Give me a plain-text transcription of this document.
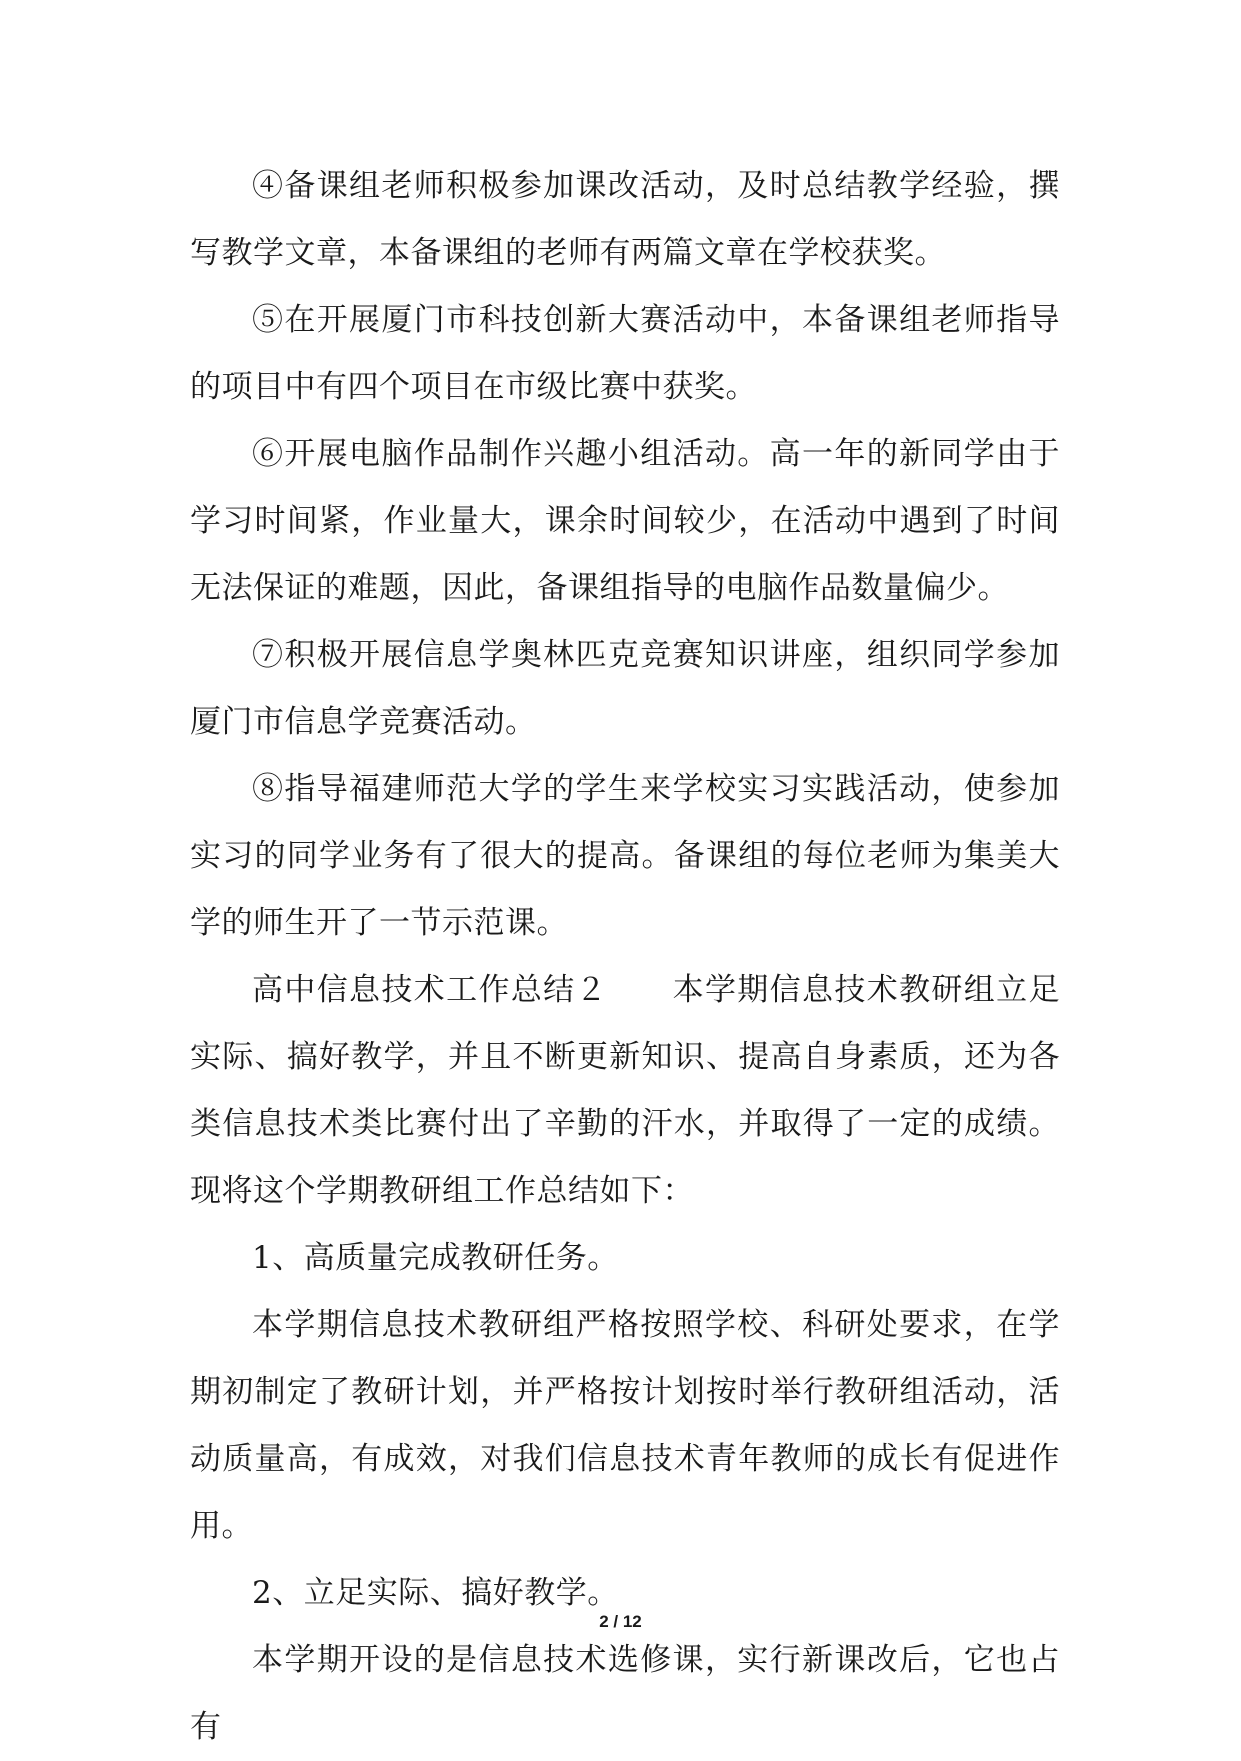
④备课组老师积极参加课改活动，及时总结教学经验，撰写教学文章，本备课组的老师有两篇文章在学校获奖。

⑤在开展厦门市科技创新大赛活动中，本备课组老师指导的项目中有四个项目在市级比赛中获奖。

⑥开展电脑作品制作兴趣小组活动。高一年的新同学由于学习时间紧，作业量大，课余时间较少，在活动中遇到了时间无法保证的难题，因此，备课组指导的电脑作品数量偏少。

⑦积极开展信息学奥林匹克竞赛知识讲座，组织同学参加厦门市信息学竞赛活动。

⑧指导福建师范大学的学生来学校实习实践活动，使参加实习的同学业务有了很大的提高。备课组的每位老师为集美大学的师生开了一节示范课。

高中信息技术工作总结２　　本学期信息技术教研组立足实际、搞好教学，并且不断更新知识、提高自身素质，还为各类信息技术类比赛付出了辛勤的汗水，并取得了一定的成绩。现将这个学期教研组工作总结如下：

1、高质量完成教研任务。

本学期信息技术教研组严格按照学校、科研处要求，在学期初制定了教研计划，并严格按计划按时举行教研组活动，活动质量高，有成效，对我们信息技术青年教师的成长有促进作用。

2、立足实际、搞好教学。

本学期开设的是信息技术选修课，实行新课改后，它也占有

2 / 12
